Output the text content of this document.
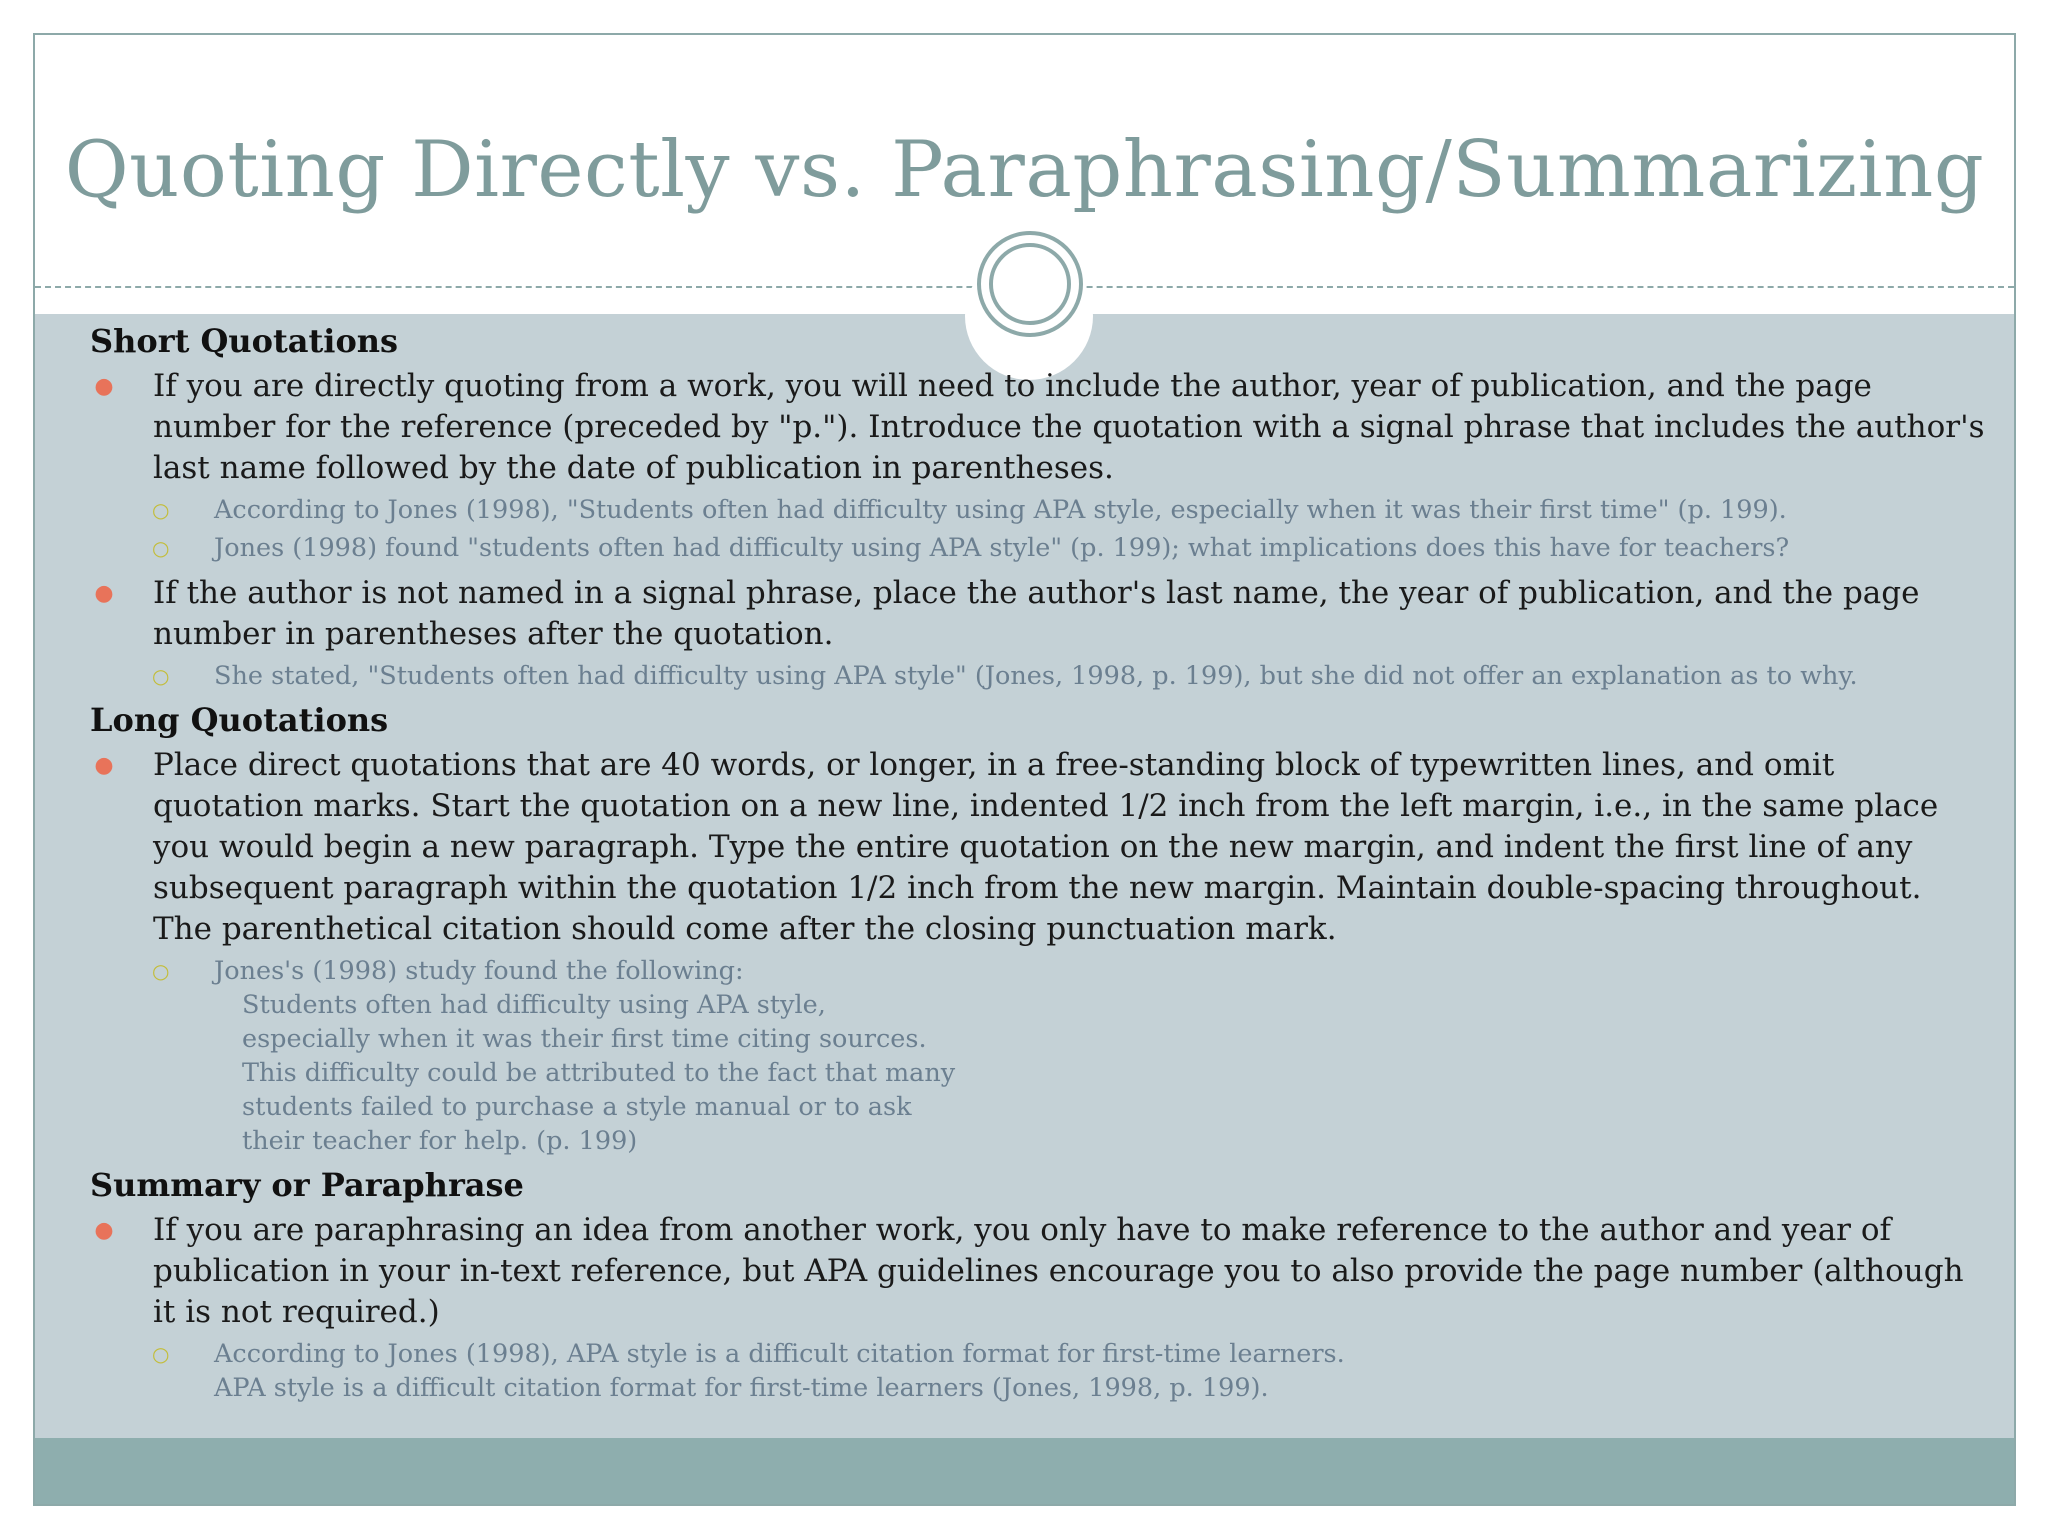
Quoting Directly vs. Paraphrasing/Summarizing
Short Quotations
● If you are directly quoting from a work, you will need to include the author, year of publication, and the page number for the reference (preceded by "p."). Introduce the quotation with a signal phrase that includes the author's last name followed by the date of publication in parentheses.
○ According to Jones (1998), "Students often had difficulty using APA style, especially when it was their first time" (p. 199).
○ Jones (1998) found "students often had difficulty using APA style" (p. 199); what implications does this have for teachers?
● If the author is not named in a signal phrase, place the author's last name, the year of publication, and the page number in parentheses after the quotation.
○ She stated, "Students often had difficulty using APA style" (Jones, 1998, p. 199), but she did not offer an explanation as to why.
Long Quotations
● Place direct quotations that are 40 words, or longer, in a free-standing block of typewritten lines, and omit quotation marks. Start the quotation on a new line, indented 1/2 inch from the left margin, i.e., in the same place you would begin a new paragraph. Type the entire quotation on the new margin, and indent the first line of any subsequent paragraph within the quotation 1/2 inch from the new margin. Maintain double-spacing throughout. The parenthetical citation should come after the closing punctuation mark.
○ Jones's (1998) study found the following:
Students often had difficulty using APA style,
especially when it was their first time citing sources.
This difficulty could be attributed to the fact that many
students failed to purchase a style manual or to ask
their teacher for help. (p. 199)
Summary or Paraphrase
● If you are paraphrasing an idea from another work, you only have to make reference to the author and year of publication in your in-text reference, but APA guidelines encourage you to also provide the page number (although it is not required.)
○ According to Jones (1998), APA style is a difficult citation format for first-time learners.
APA style is a difficult citation format for first-time learners (Jones, 1998, p. 199).
